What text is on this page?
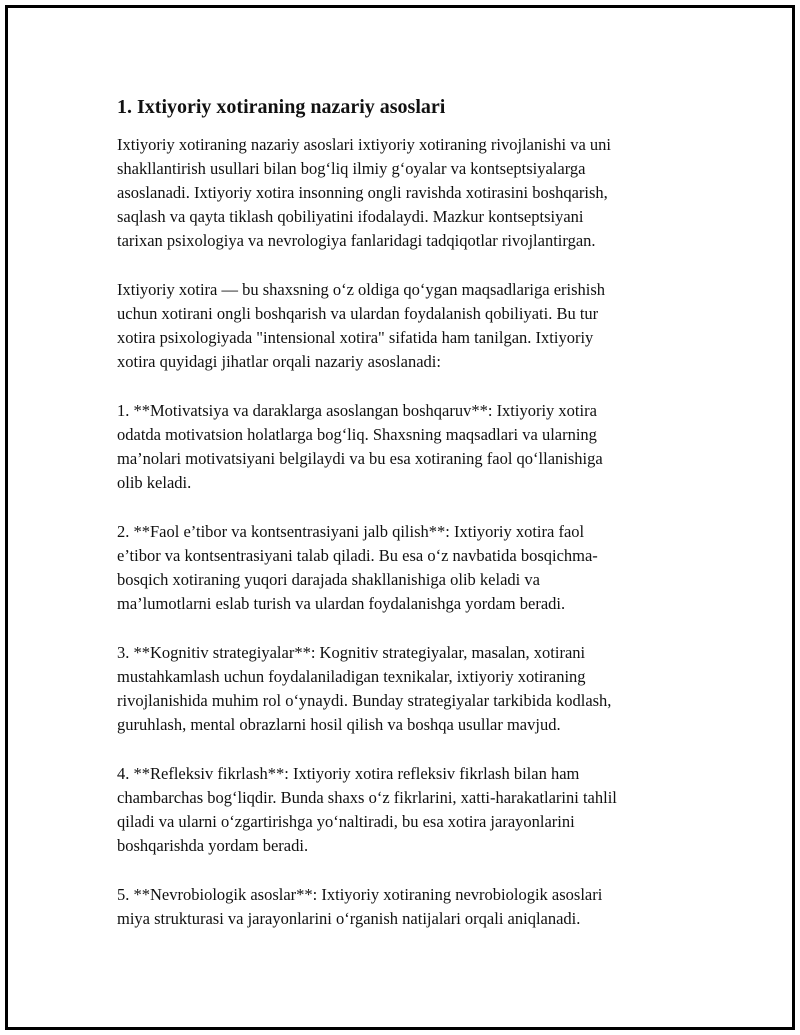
1. Ixtiyoriy xotiraning nazariy asoslari

Ixtiyoriy xotiraning nazariy asoslari ixtiyoriy xotiraning rivojlanishi va uni
shakllantirish usullari bilan bog‘liq ilmiy g‘oyalar va kontseptsiyalarga
asoslanadi. Ixtiyoriy xotira insonning ongli ravishda xotirasini boshqarish,
saqlash va qayta tiklash qobiliyatini ifodalaydi. Mazkur kontseptsiyani
tarixan psixologiya va nevrologiya fanlaridagi tadqiqotlar rivojlantirgan.

Ixtiyoriy xotira — bu shaxsning o‘z oldiga qo‘ygan maqsadlariga erishish
uchun xotirani ongli boshqarish va ulardan foydalanish qobiliyati. Bu tur
xotira psixologiyada "intensional xotira" sifatida ham tanilgan. Ixtiyoriy
xotira quyidagi jihatlar orqali nazariy asoslanadi:

1. **Motivatsiya va daraklarga asoslangan boshqaruv**: Ixtiyoriy xotira
odatda motivatsion holatlarga bog‘liq. Shaxsning maqsadlari va ularning
ma’nolari motivatsiyani belgilaydi va bu esa xotiraning faol qo‘llanishiga
olib keladi.

2. **Faol e’tibor va kontsentrasiyani jalb qilish**: Ixtiyoriy xotira faol
e’tibor va kontsentrasiyani talab qiladi. Bu esa o‘z navbatida bosqichma-
bosqich xotiraning yuqori darajada shakllanishiga olib keladi va
ma’lumotlarni eslab turish va ulardan foydalanishga yordam beradi.

3. **Kognitiv strategiyalar**: Kognitiv strategiyalar, masalan, xotirani
mustahkamlash uchun foydalaniladigan texnikalar, ixtiyoriy xotiraning
rivojlanishida muhim rol o‘ynaydi. Bunday strategiyalar tarkibida kodlash,
guruhlash, mental obrazlarni hosil qilish va boshqa usullar mavjud.

4. **Refleksiv fikrlash**: Ixtiyoriy xotira refleksiv fikrlash bilan ham
chambarchas bog‘liqdir. Bunda shaxs o‘z fikrlarini, xatti-harakatlarini tahlil
qiladi va ularni o‘zgartirishga yo‘naltiradi, bu esa xotira jarayonlarini
boshqarishda yordam beradi.

5. **Nevrobiologik asoslar**: Ixtiyoriy xotiraning nevrobiologik asoslari
miya strukturasi va jarayonlarini o‘rganish natijalari orqali aniqlanadi.
